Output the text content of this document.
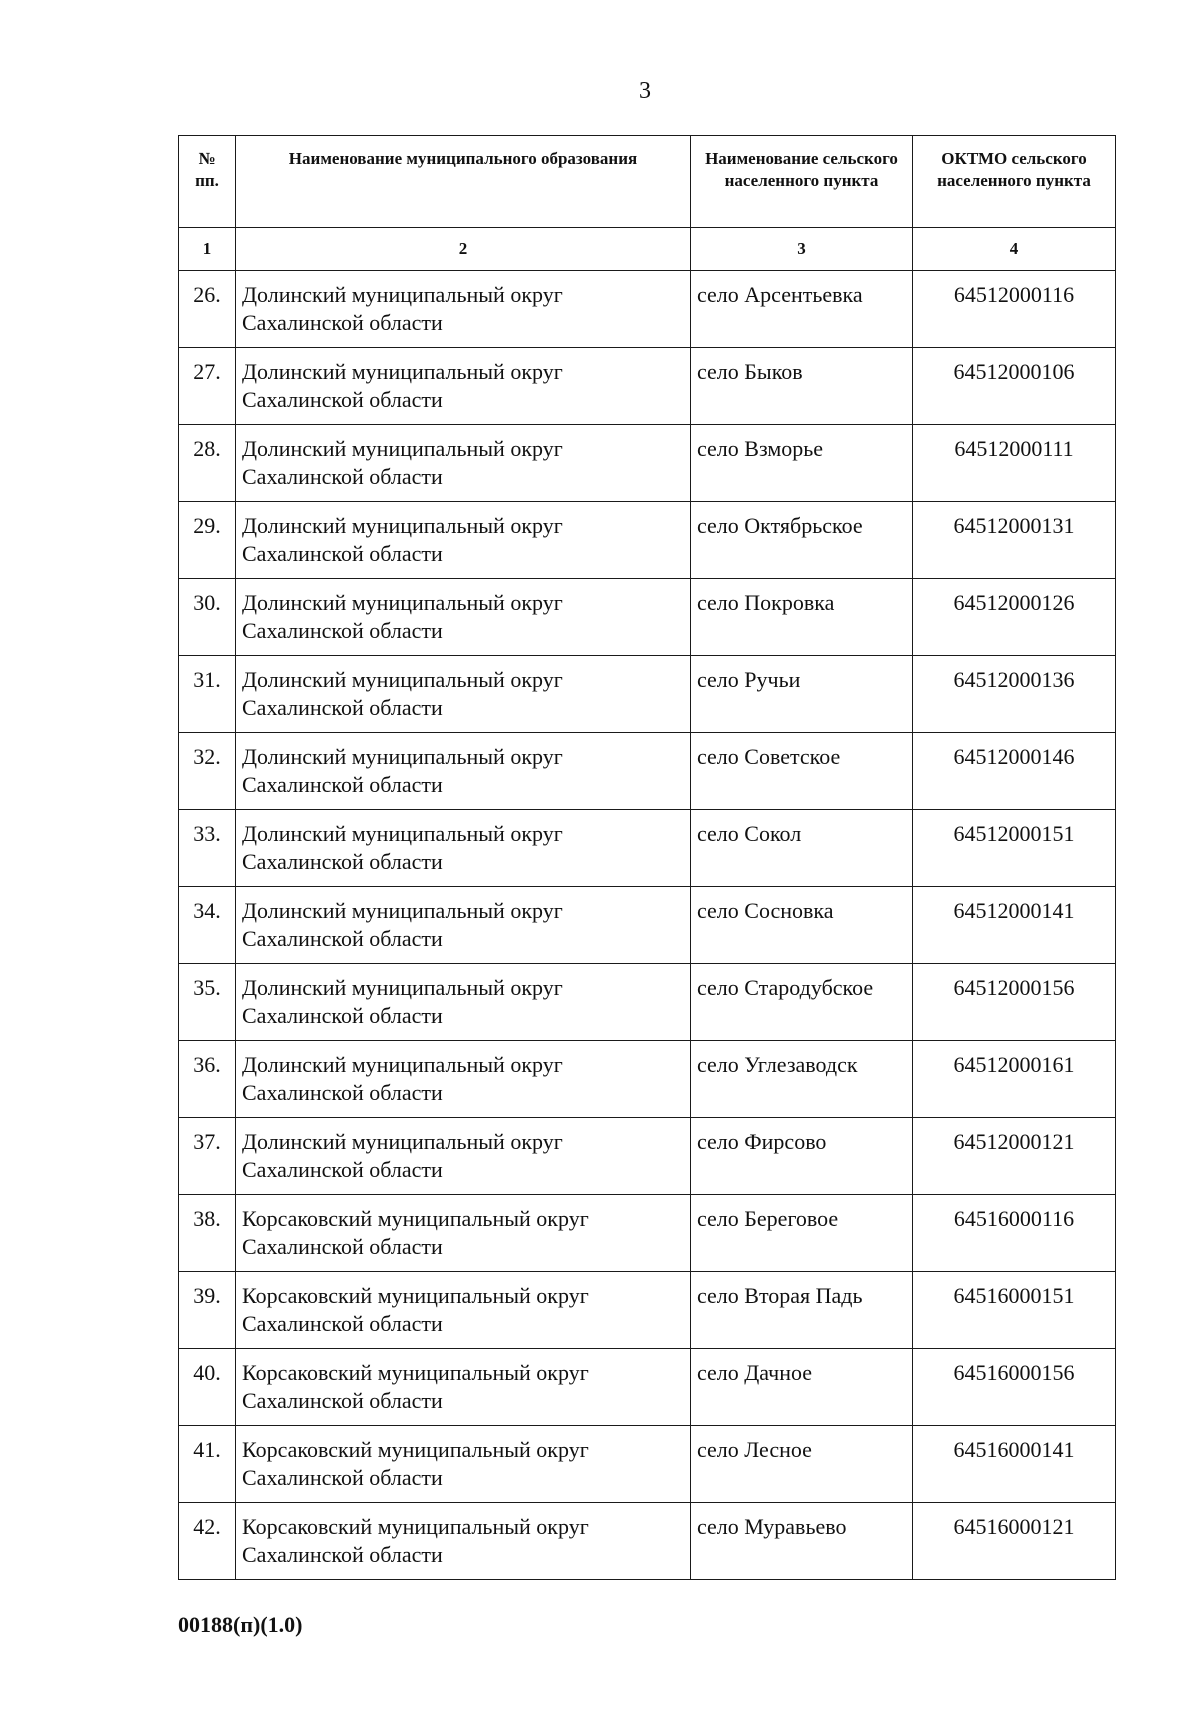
3
№ пп.	Наименование муниципального образования	Наименование сельского населенного пункта	ОКТМО сельского населенного пункта
1	2	3	4
26.	Долинский муниципальный округ Сахалинской области	село Арсентьевка	64512000116
27.	Долинский муниципальный округ Сахалинской области	село Быков	64512000106
28.	Долинский муниципальный округ Сахалинской области	село Взморье	64512000111
29.	Долинский муниципальный округ Сахалинской области	село Октябрьское	64512000131
30.	Долинский муниципальный округ Сахалинской области	село Покровка	64512000126
31.	Долинский муниципальный округ Сахалинской области	село Ручьи	64512000136
32.	Долинский муниципальный округ Сахалинской области	село Советское	64512000146
33.	Долинский муниципальный округ Сахалинской области	село Сокол	64512000151
34.	Долинский муниципальный округ Сахалинской области	село Сосновка	64512000141
35.	Долинский муниципальный округ Сахалинской области	село Стародубское	64512000156
36.	Долинский муниципальный округ Сахалинской области	село Углезаводск	64512000161
37.	Долинский муниципальный округ Сахалинской области	село Фирсово	64512000121
38.	Корсаковский муниципальный округ Сахалинской области	село Береговое	64516000116
39.	Корсаковский муниципальный округ Сахалинской области	село Вторая Падь	64516000151
40.	Корсаковский муниципальный округ Сахалинской области	село Дачное	64516000156
41.	Корсаковский муниципальный округ Сахалинской области	село Лесное	64516000141
42.	Корсаковский муниципальный округ Сахалинской области	село Муравьево	64516000121
00188(п)(1.0)
